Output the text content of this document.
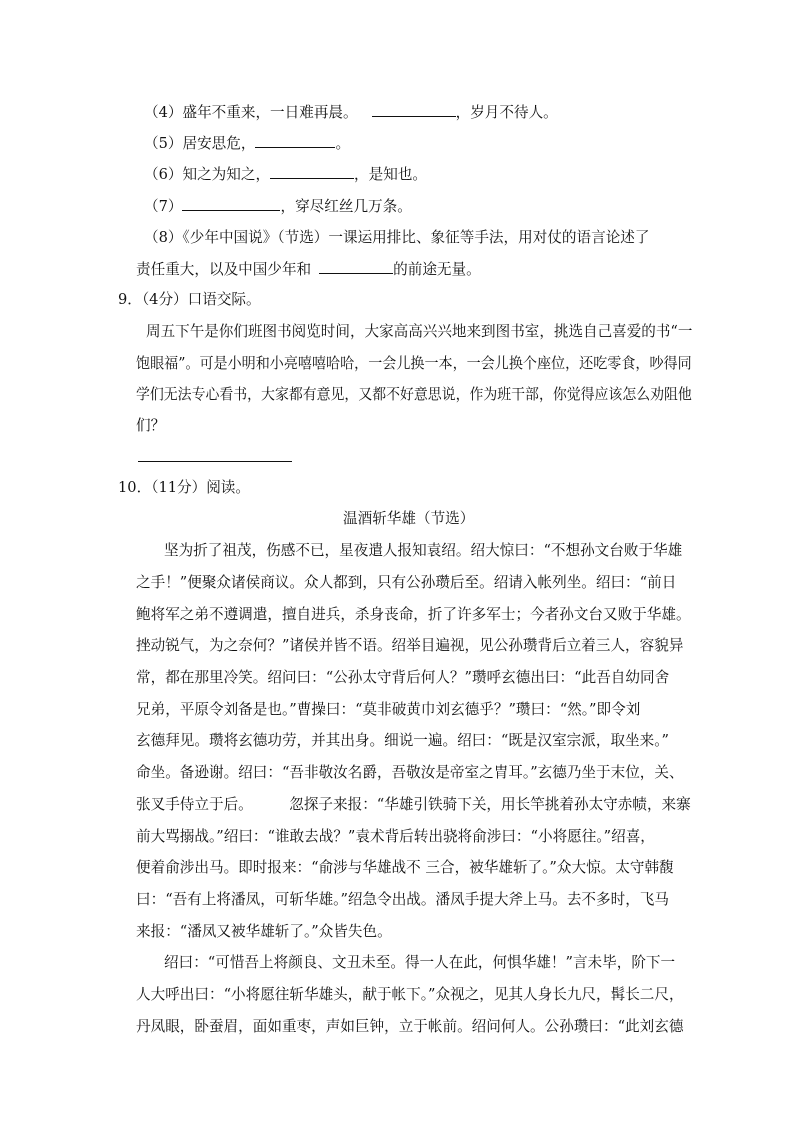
（4）盛年不重来，一日难再晨。	，岁月不待人。
（5）居安思危，	。
（6）知之为知之，	，是知也。
（7）	，穿尽红丝几万条。
（8）《少年中国说》（节选）一课运用排比、象征等手法，用对仗的语言论述了
责任重大，以及中国少年和	的前途无量。
9．（4分）口语交际。
周五下午是你们班图书阅览时间，大家高高兴兴地来到图书室，挑选自己喜爱的书“一
饱眼福”。可是小明和小亮嘻嘻哈哈，一会儿换一本，一会儿换个座位，还吃零食，吵得同
学们无法专心看书，大家都有意见，又都不好意思说，作为班干部，你觉得应该怎么劝阻他
们？
10．（11分）阅读。
温酒斩华雄（节选）
坚为折了祖茂，伤感不已，星夜遣人报知袁绍。绍大惊曰：“不想孙文台败于华雄
之手！”便聚众诸侯商议。众人都到，只有公孙瓒后至。绍请入帐列坐。绍曰：“前日
鲍将军之弟不遵调遣，擅自进兵，杀身丧命，折了许多军士；今者孙文台又败于华雄。
挫动锐气，为之奈何？”诸侯并皆不语。绍举目遍视，见公孙瓒背后立着三人，容貌异
常，都在那里冷笑。绍问曰：“公孙太守背后何人？”瓒呼玄德出曰：“此吾自幼同舍
兄弟，平原令刘备是也。”曹操曰：“莫非破黄巾刘玄德乎？”瓒曰：“然。”即令刘
玄德拜见。瓒将玄德功劳，并其出身。细说一遍。绍曰：“既是汉室宗派，取坐来。”
命坐。备逊谢。绍曰：“吾非敬汝名爵，吾敬汝是帝室之胄耳。”玄德乃坐于末位，关、
张叉手侍立于后。　　　忽探子来报：“华雄引铁骑下关，用长竿挑着孙太守赤帻，来寨
前大骂搦战。”绍曰：“谁敢去战？”袁术背后转出骁将俞涉曰：“小将愿往。”绍喜，
便着俞涉出马。即时报来：“俞涉与华雄战不 三合，被华雄斩了。”众大惊。太守韩馥
曰：“吾有上将潘凤，可斩华雄。”绍急令出战。潘凤手提大斧上马。去不多时，飞马
来报：“潘凤又被华雄斩了。”众皆失色。
绍曰：“可惜吾上将颜良、文丑未至。得一人在此，何惧华雄！”言未毕，阶下一
人大呼出曰：“小将愿往斩华雄头，献于帐下。”众视之，见其人身长九尺，髯长二尺，
丹凤眼，卧蚕眉，面如重枣，声如巨钟，立于帐前。绍问何人。公孙瓒曰：“此刘玄德
